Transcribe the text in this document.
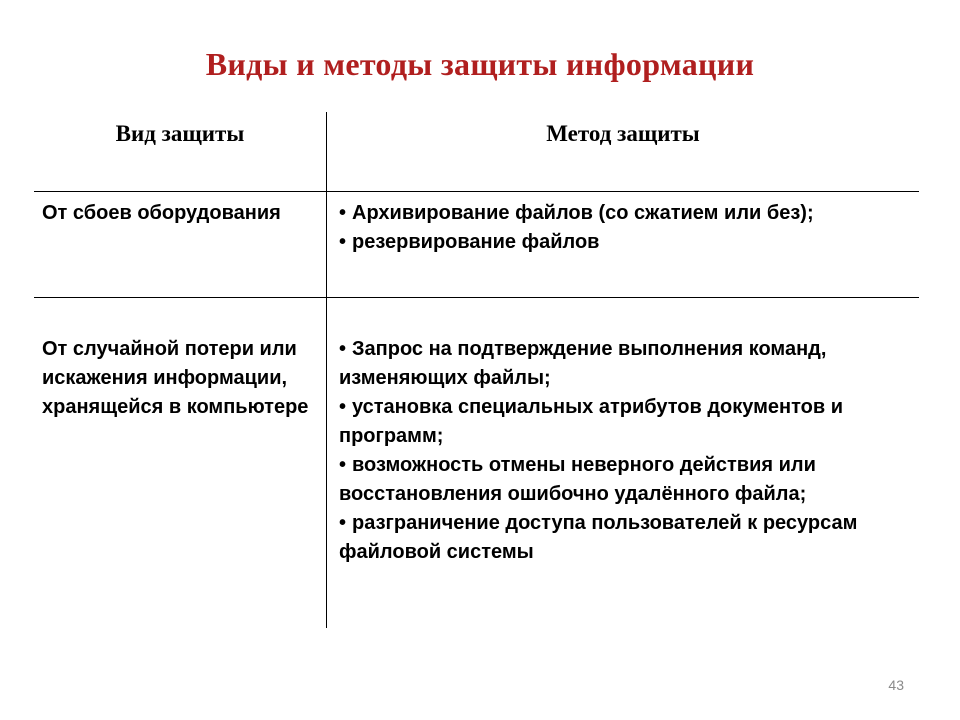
Виды и методы защиты информации
Вид защиты	Метод защиты
От сбоев оборудования	• Архивирование файлов (со сжатием или без);
• резервирование файлов
От случайной потери или искажения информации, хранящейся в компьютере
• Запрос на подтверждение выполнения команд, изменяющих файлы;
• установка специальных атрибутов документов и программ;
• возможность отмены неверного действия или восстановления ошибочно удалённого файла;
• разграничение доступа пользователей к ресурсам файловой системы
43
